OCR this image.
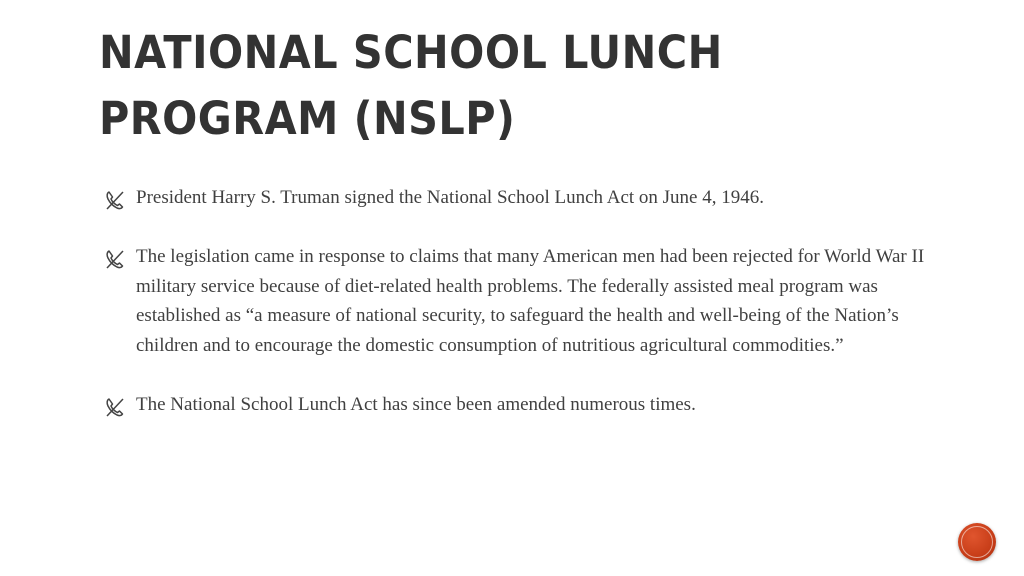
NATIONAL SCHOOL LUNCH PROGRAM (NSLP)
President Harry S. Truman signed the National School Lunch Act on June 4, 1946.
The legislation came in response to claims that many American men had been rejected for World War II military service because of diet-related health problems. The federally assisted meal program was established as “a measure of national security, to safeguard the health and well-being of the Nation’s children and to encourage the domestic consumption of nutritious agricultural commodities.”
The National School Lunch Act has since been amended numerous times.
